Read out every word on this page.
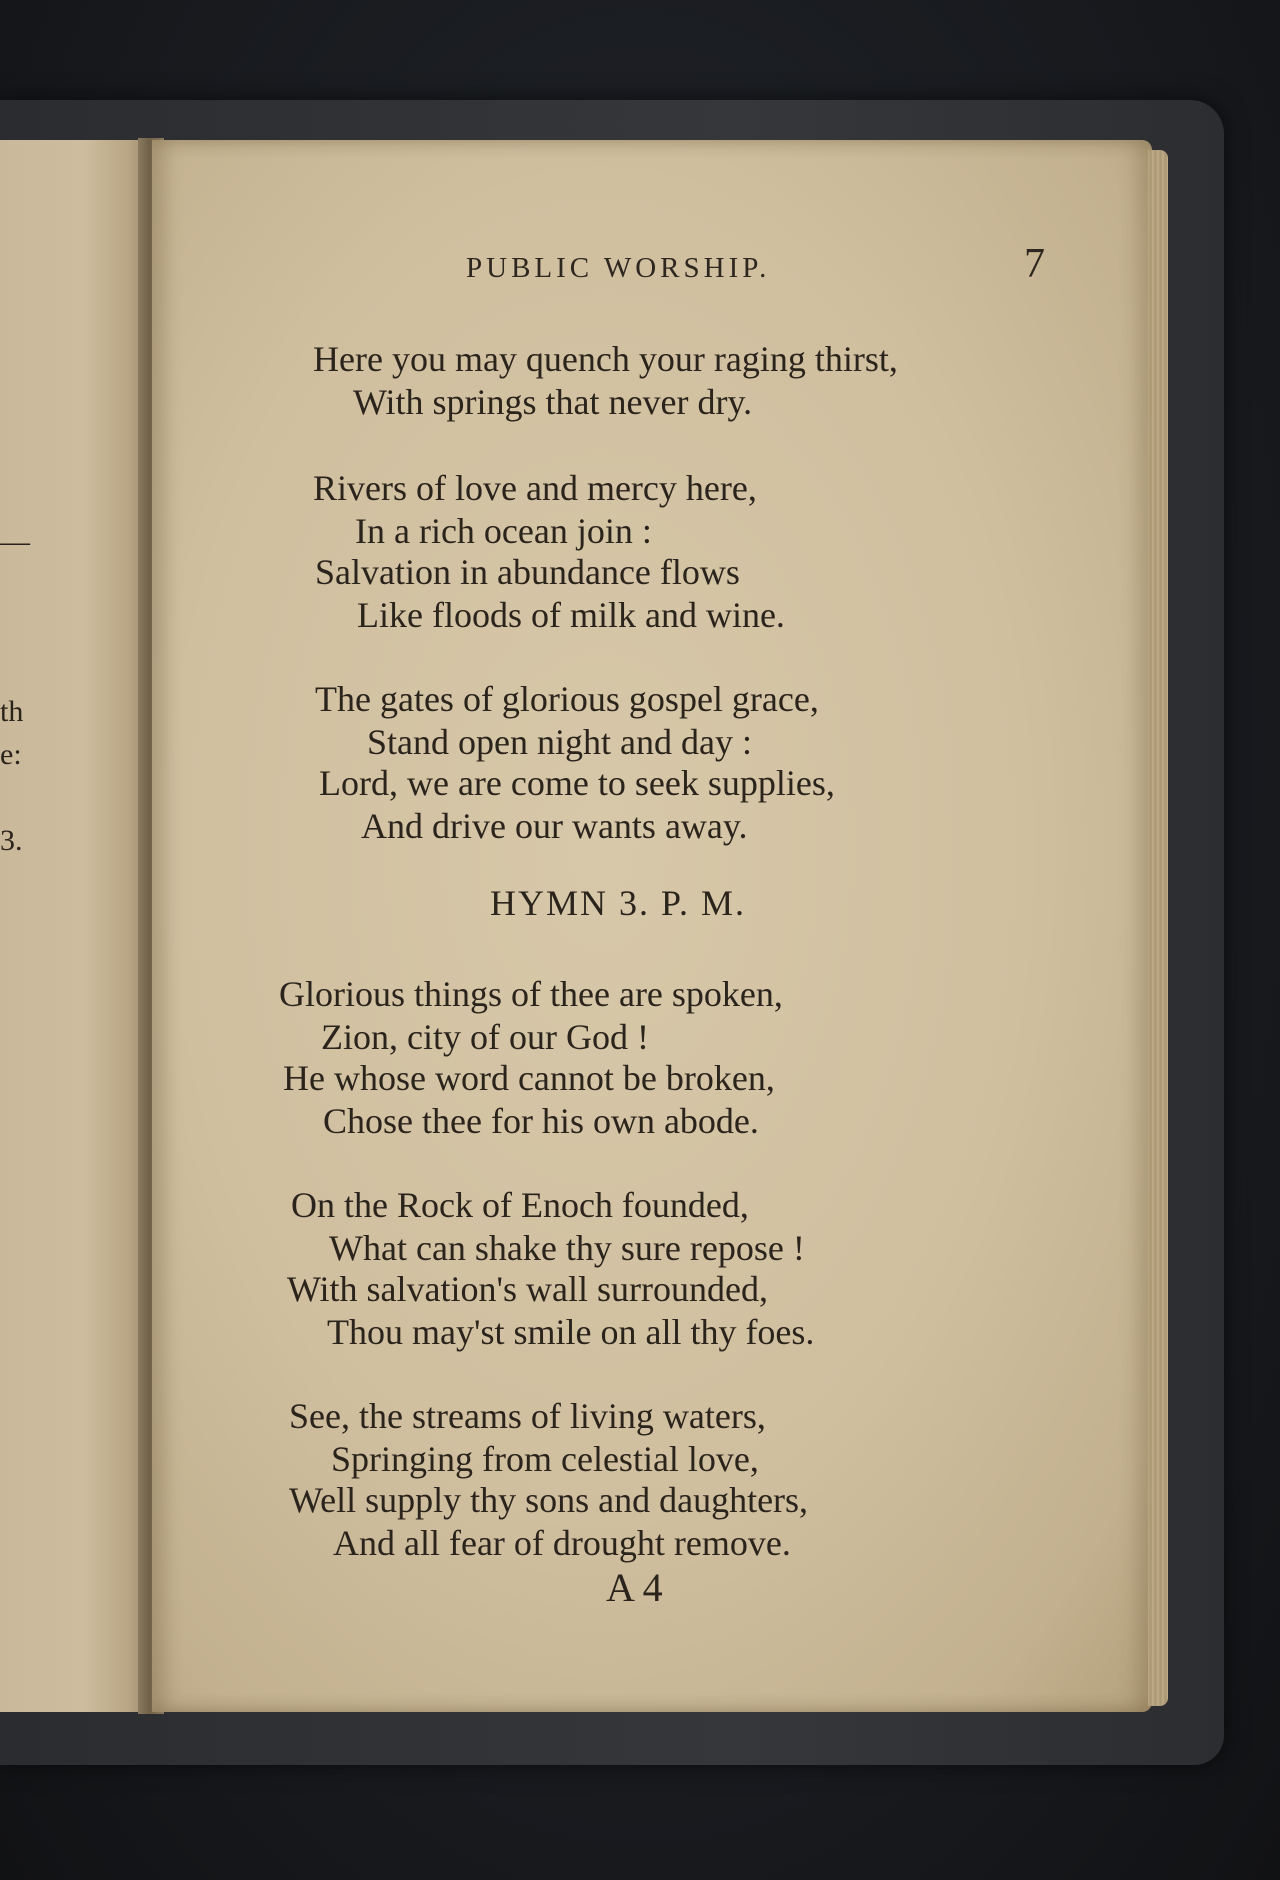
—
th
e:
3.
PUBLIC WORSHIP.	7
Here you may quench your raging thirst,
With springs that never dry.
Rivers of love and mercy here,
In a rich ocean join :
Salvation in abundance flows
Like floods of milk and wine.
The gates of glorious gospel grace,
Stand open night and day :
Lord, we are come to seek supplies,
And drive our wants away.
HYMN 3. P. M.
Glorious things of thee are spoken,
Zion, city of our God !
He whose word cannot be broken,
Chose thee for his own abode.
On the Rock of Enoch founded,
What can shake thy sure repose !
With salvation's wall surrounded,
Thou may'st smile on all thy foes.
See, the streams of living waters,
Springing from celestial love,
Well supply thy sons and daughters,
And all fear of drought remove.
A 4
